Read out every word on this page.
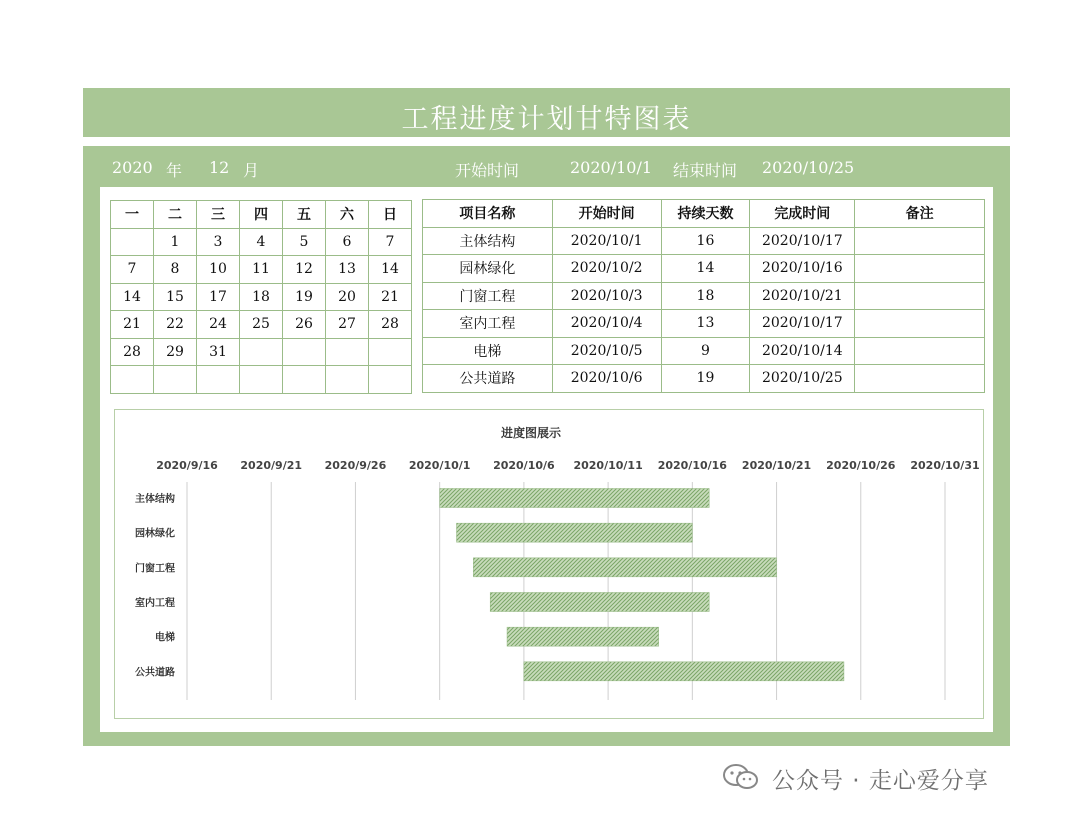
工程进度计划甘特图表
2020 年 12 月	开始时间	2020/10/1 结束时间 2020/10/25
一	二	三	四	五	六	日
	1	3	4	5	6	7
7	8	10	11	12	13	14
14	15	17	18	19	20	21
21	22	24	25	26	27	28
28	29	31				

项目名称	开始时间	持续天数	完成时间	备注
主体结构	2020/10/1	16	2020/10/17	
园林绿化	2020/10/2	14	2020/10/16	
门窗工程	2020/10/3	18	2020/10/21	
室内工程	2020/10/4	13	2020/10/17	
电梯	2020/10/5	9	2020/10/14	
公共道路	2020/10/6	19	2020/10/25	
进度图展示
2020/9/16 2020/9/21 2020/9/26 2020/10/1 2020/10/6 2020/10/11 2020/10/16 2020/10/21 2020/10/26 2020/10/31
主体结构
园林绿化
门窗工程
室内工程
电梯
公共道路
公众号 · 走心爱分享
